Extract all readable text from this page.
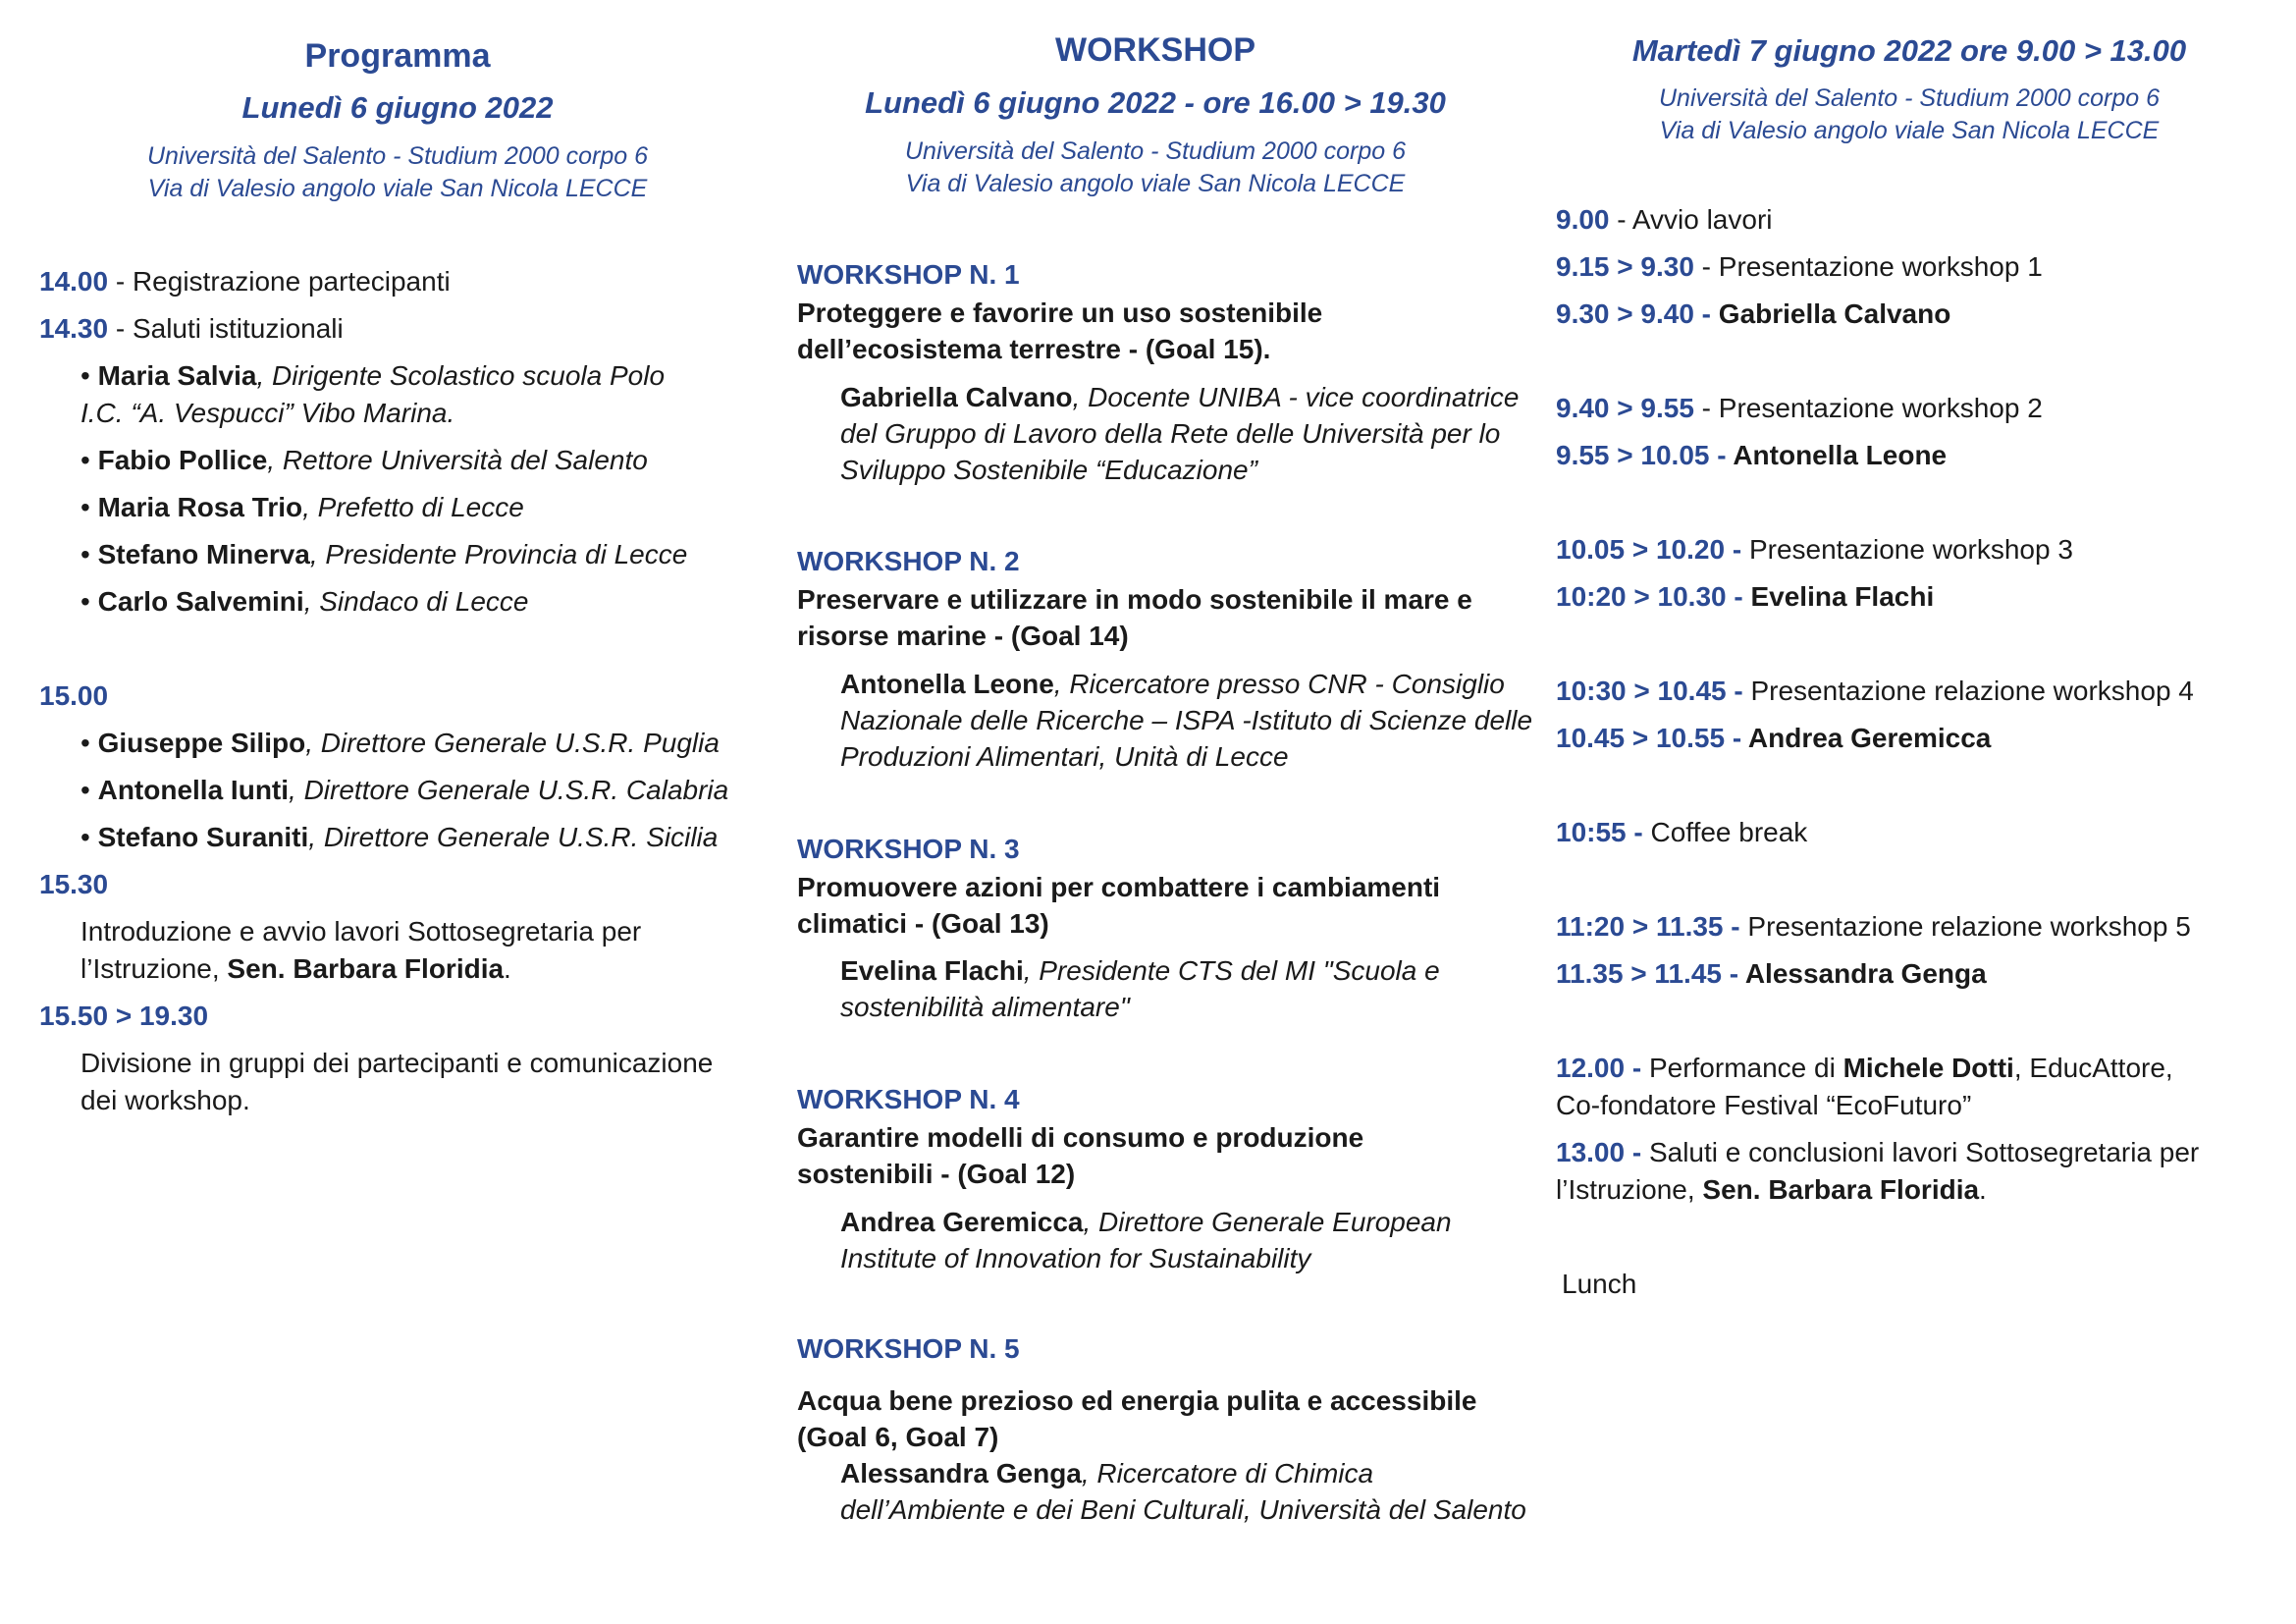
Programma
Lunedì 6 giugno 2022
Università del Salento - Studium 2000 corpo 6
Via di Valesio angolo viale San Nicola LECCE
14.00 - Registrazione partecipanti
14.30 - Saluti istituzionali
• Maria Salvia, Dirigente Scolastico scuola Polo
I.C. “A. Vespucci” Vibo Marina.
• Fabio Pollice, Rettore Università del Salento
• Maria Rosa Trio, Prefetto di Lecce
• Stefano Minerva, Presidente Provincia di Lecce
• Carlo Salvemini, Sindaco di Lecce
15.00
• Giuseppe Silipo, Direttore Generale U.S.R. Puglia
• Antonella Iunti, Direttore Generale U.S.R. Calabria
• Stefano Suraniti, Direttore Generale U.S.R. Sicilia
15.30
Introduzione e avvio lavori Sottosegretaria per
l’Istruzione, Sen. Barbara Floridia.
15.50 > 19.30
Divisione in gruppi dei partecipanti e comunicazione
dei workshop.
WORKSHOP
Lunedì 6 giugno 2022 - ore 16.00 > 19.30
Università del Salento - Studium 2000 corpo 6
Via di Valesio angolo viale San Nicola LECCE
WORKSHOP N. 1
Proteggere e favorire un uso sostenibile
dell’ecosistema terrestre - (Goal 15).
Gabriella Calvano, Docente UNIBA - vice coordinatrice
del Gruppo di Lavoro della Rete delle Università per lo
Sviluppo Sostenibile “Educazione”
WORKSHOP N. 2
Preservare e utilizzare in modo sostenibile il mare e
risorse marine - (Goal 14)
Antonella Leone, Ricercatore presso CNR - Consiglio
Nazionale delle Ricerche – ISPA -Istituto di Scienze delle
Produzioni Alimentari, Unità di Lecce
WORKSHOP N. 3
Promuovere azioni per combattere i cambiamenti
climatici - (Goal 13)
Evelina Flachi, Presidente CTS del MI "Scuola e
sostenibilità alimentare"
WORKSHOP N. 4
Garantire modelli di consumo e produzione
sostenibili - (Goal 12)
Andrea Geremicca, Direttore Generale European
Institute of Innovation for Sustainability
WORKSHOP N. 5
Acqua bene prezioso ed energia pulita e accessibile
(Goal 6, Goal 7)
Alessandra Genga, Ricercatore di Chimica
dell’Ambiente e dei Beni Culturali, Università del Salento
Martedì 7 giugno 2022 ore 9.00 > 13.00
Università del Salento - Studium 2000 corpo 6
Via di Valesio angolo viale San Nicola LECCE
9.00 - Avvio lavori
9.15 > 9.30 - Presentazione workshop 1
9.30 > 9.40 - Gabriella Calvano
9.40 > 9.55 - Presentazione workshop 2
9.55 > 10.05 - Antonella Leone
10.05 > 10.20 - Presentazione workshop 3
10:20 > 10.30 - Evelina Flachi
10:30 > 10.45 - Presentazione relazione workshop 4
10.45 > 10.55 - Andrea Geremicca
10:55 - Coffee break
11:20 > 11.35 - Presentazione relazione workshop 5
11.35 > 11.45 - Alessandra Genga
12.00 - Performance di Michele Dotti, EducAttore,
Co-fondatore Festival “EcoFuturo”
13.00 - Saluti e conclusioni lavori Sottosegretaria per
l’Istruzione, Sen. Barbara Floridia.
Lunch
